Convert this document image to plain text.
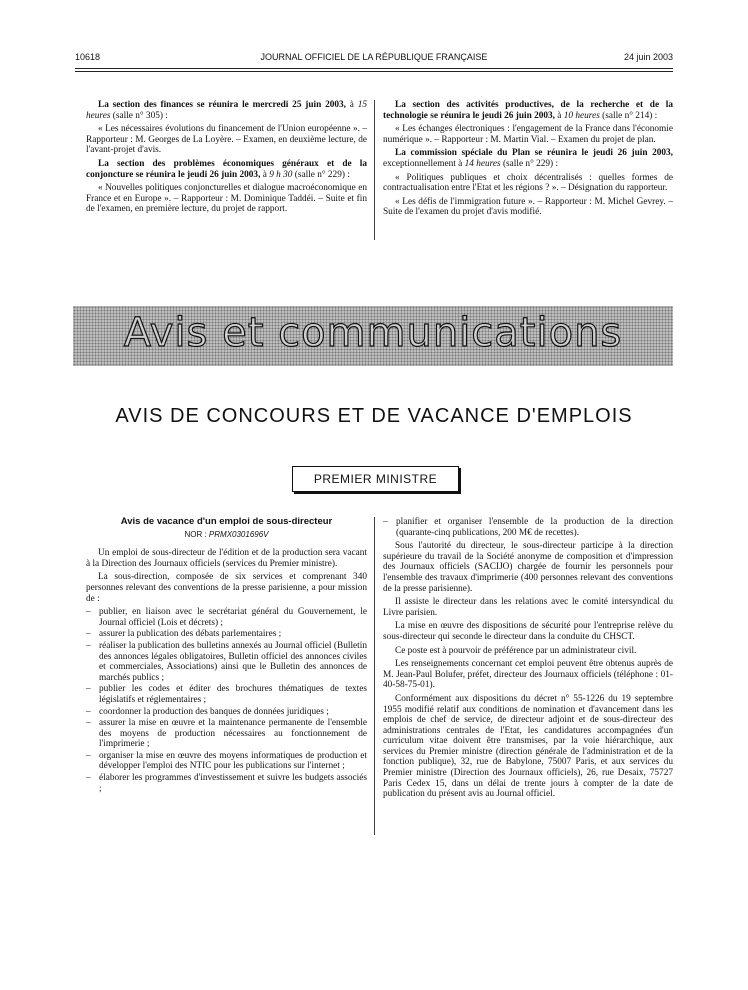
10618	JOURNAL OFFICIEL DE LA RÉPUBLIQUE FRANÇAISE	24 juin 2003

La section des finances se réunira le mercredi 25 juin 2003, à 15 heures (salle n° 305) :

« Les nécessaires évolutions du financement de l'Union européenne ». – Rapporteur : M. Georges de La Loyère. – Examen, en deuxième lecture, de l'avant-projet d'avis.

La section des problèmes économiques généraux et de la conjoncture se réunira le jeudi 26 juin 2003, à 9 h 30 (salle n° 229) :

« Nouvelles politiques conjoncturelles et dialogue macroéconomique en France et en Europe ». – Rapporteur : M. Dominique Taddéi. – Suite et fin de l'examen, en première lecture, du projet de rapport.

La section des activités productives, de la recherche et de la technologie se réunira le jeudi 26 juin 2003, à 10 heures (salle n° 214) :

« Les échanges électroniques : l'engagement de la France dans l'économie numérique ». – Rapporteur : M. Martin Vial. – Examen du projet de plan.

La commission spéciale du Plan se réunira le jeudi 26 juin 2003, exceptionnellement à 14 heures (salle n° 229) :

« Politiques publiques et choix décentralisés : quelles formes de contractualisation entre l'Etat et les régions ? ». – Désignation du rapporteur.

« Les défis de l'immigration future ». – Rapporteur : M. Michel Gevrey. – Suite de l'examen du projet d'avis modifié.

Avis et communications
AVIS DE CONCOURS ET DE VACANCE D'EMPLOIS
PREMIER MINISTRE
Avis de vacance d'un emploi de sous-directeur
NOR : PRMX0301696V

Un emploi de sous-directeur de l'édition et de la production sera vacant à la Direction des Journaux officiels (services du Premier ministre).

La sous-direction, composée de six services et comprenant 340 personnes relevant des conventions de la presse parisienne, a pour mission de :

– publier, en liaison avec le secrétariat général du Gouvernement, le Journal officiel (Lois et décrets) ;
– assurer la publication des débats parlementaires ;
– réaliser la publication des bulletins annexés au Journal officiel (Bulletin des annonces légales obligatoires, Bulletin officiel des annonces civiles et commerciales, Associations) ainsi que le Bulletin des annonces de marchés publics ;
– publier les codes et éditer des brochures thématiques de textes législatifs et réglementaires ;
– coordonner la production des banques de données juridiques ;
– assurer la mise en œuvre et la maintenance permanente de l'ensemble des moyens de production nécessaires au fonctionnement de l'imprimerie ;
– organiser la mise en œuvre des moyens informatiques de production et développer l'emploi des NTIC pour les publications sur l'internet ;
– élaborer les programmes d'investissement et suivre les budgets associés ;
– planifier et organiser l'ensemble de la production de la direction (quarante-cinq publications, 200 M€ de recettes).

Sous l'autorité du directeur, le sous-directeur participe à la direction supérieure du travail de la Société anonyme de composition et d'impression des Journaux officiels (SACIJO) chargée de fournir les personnels pour l'ensemble des travaux d'imprimerie (400 personnes relevant des conventions de la presse parisienne).

Il assiste le directeur dans les relations avec le comité intersyndical du Livre parisien.

La mise en œuvre des dispositions de sécurité pour l'entreprise relève du sous-directeur qui seconde le directeur dans la conduite du CHSCT.

Ce poste est à pourvoir de préférence par un administrateur civil.

Les renseignements concernant cet emploi peuvent être obtenus auprès de M. Jean-Paul Bolufer, préfet, directeur des Journaux officiels (téléphone : 01-40-58-75-01).

Conformément aux dispositions du décret n° 55-1226 du 19 septembre 1955 modifié relatif aux conditions de nomination et d'avancement dans les emplois de chef de service, de directeur adjoint et de sous-directeur des administrations centrales de l'Etat, les candidatures accompagnées d'un curriculum vitae doivent être transmises, par la voie hiérarchique, aux services du Premier ministre (direction générale de l'administration et de la fonction publique), 32, rue de Babylone, 75007 Paris, et aux services du Premier ministre (Direction des Journaux officiels), 26, rue Desaix, 75727 Paris Cedex 15, dans un délai de trente jours à compter de la date de publication du présent avis au Journal officiel.
